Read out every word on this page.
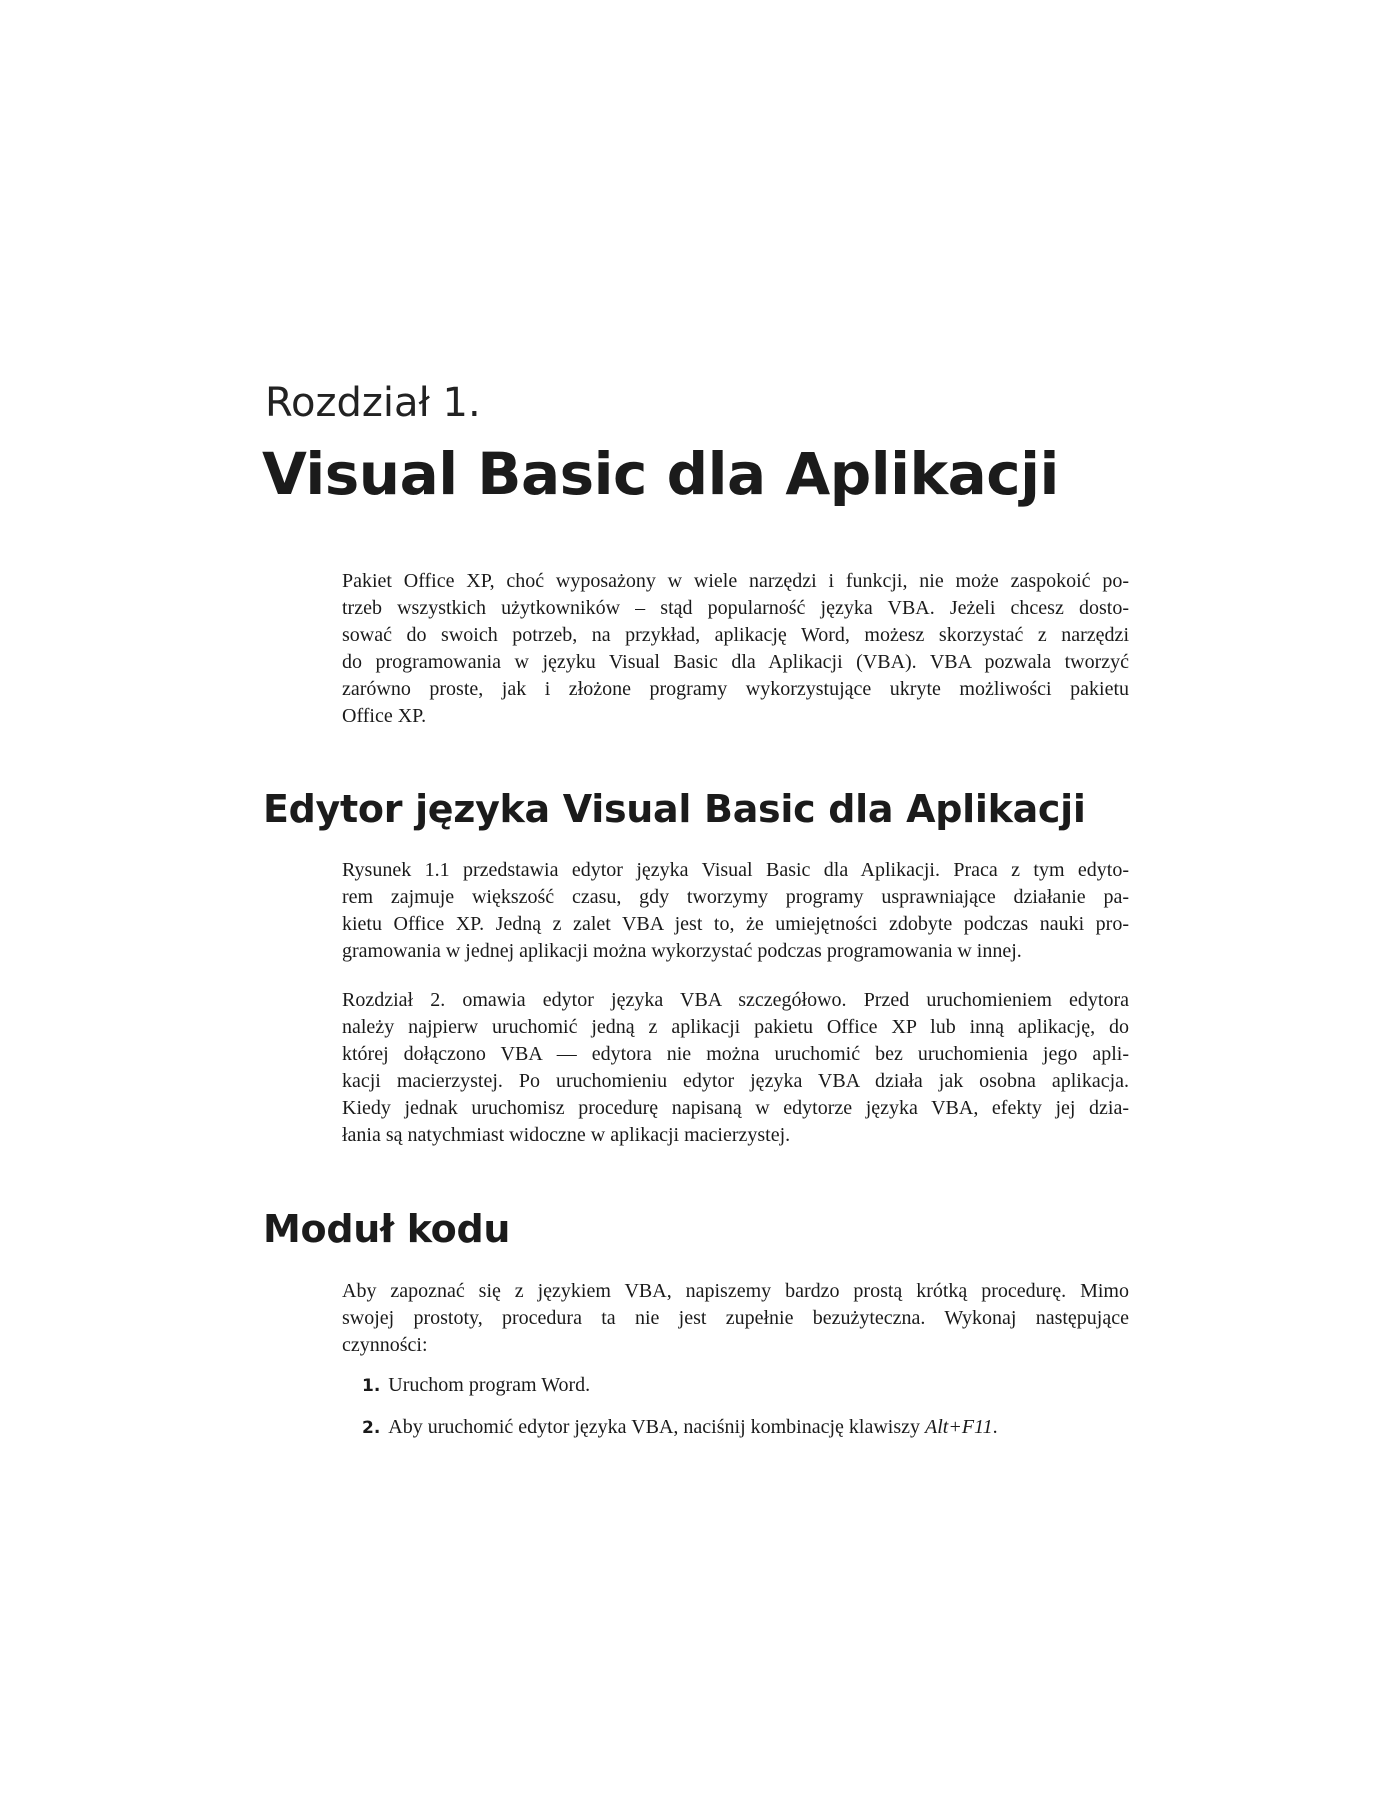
Rozdział 1.
Visual Basic dla Aplikacji
Pakiet Office XP, choć wyposażony w wiele narzędzi i funkcji, nie może zaspokoić po-
trzeb wszystkich użytkowników – stąd popularność języka VBA. Jeżeli chcesz dosto-
sować do swoich potrzeb, na przykład, aplikację Word, możesz skorzystać z narzędzi
do programowania w języku Visual Basic dla Aplikacji (VBA). VBA pozwala tworzyć
zarówno proste, jak i złożone programy wykorzystujące ukryte możliwości pakietu
Office XP.
Edytor języka Visual Basic dla Aplikacji
Rysunek 1.1 przedstawia edytor języka Visual Basic dla Aplikacji. Praca z tym edyto-
rem zajmuje większość czasu, gdy tworzymy programy usprawniające działanie pa-
kietu Office XP. Jedną z zalet VBA jest to, że umiejętności zdobyte podczas nauki pro-
gramowania w jednej aplikacji można wykorzystać podczas programowania w innej.
Rozdział 2. omawia edytor języka VBA szczegółowo. Przed uruchomieniem edytora
należy najpierw uruchomić jedną z aplikacji pakietu Office XP lub inną aplikację, do
której dołączono VBA — edytora nie można uruchomić bez uruchomienia jego apli-
kacji macierzystej. Po uruchomieniu edytor języka VBA działa jak osobna aplikacja.
Kiedy jednak uruchomisz procedurę napisaną w edytorze języka VBA, efekty jej dzia-
łania są natychmiast widoczne w aplikacji macierzystej.
Moduł kodu
Aby zapoznać się z językiem VBA, napiszemy bardzo prostą krótką procedurę. Mimo
swojej prostoty, procedura ta nie jest zupełnie bezużyteczna. Wykonaj następujące
czynności:
1. Uruchom program Word.
2. Aby uruchomić edytor języka VBA, naciśnij kombinację klawiszy Alt+F11.
